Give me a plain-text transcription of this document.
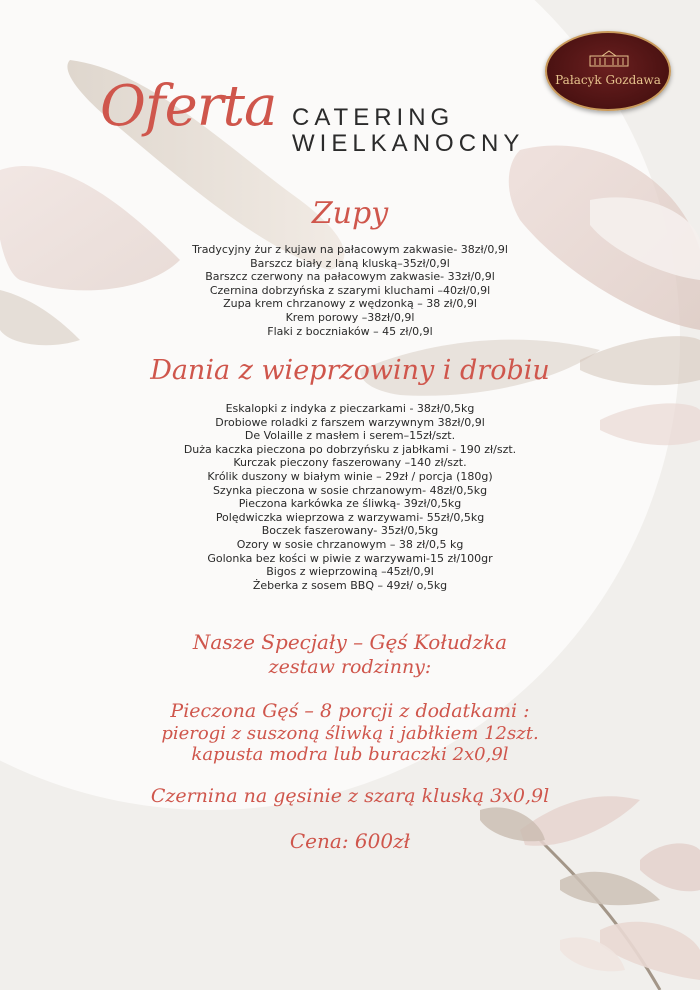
Pałacyk Gozdawa
Oferta CATERING
WIELKANOCNY
Zupy
Tradycyjny żur z kujaw na pałacowym zakwasie- 38zł/0,9l
Barszcz biały z laną kluską–35zł/0,9l
Barszcz czerwony na pałacowym zakwasie- 33zł/0,9l
Czernina dobrzyńska z szarymi kluchami –40zł/0,9l
Zupa krem chrzanowy z wędzonką – 38 zł/0,9l
Krem porowy –38zł/0,9l
Flaki z boczniaków – 45 zł/0,9l
Dania z wieprzowiny i drobiu
Eskalopki z indyka z pieczarkami - 38zł/0,5kg
Drobiowe roladki z farszem warzywnym 38zł/0,9l
De Volaille z masłem i serem–15zł/szt.
Duża kaczka pieczona po dobrzyńsku z jabłkami - 190 zł/szt.
Kurczak pieczony faszerowany –140 zł/szt.
Królik duszony w białym winie – 29zł / porcja (180g)
Szynka pieczona w sosie chrzanowym- 48zł/0,5kg
Pieczona karkówka ze śliwką- 39zł/0,5kg
Polędwiczka wieprzowa z warzywami- 55zł/0,5kg
Boczek faszerowany- 35zł/0,5kg
Ozory w sosie chrzanowym – 38 zł/0,5 kg
Golonka bez kości w piwie z warzywami-15 zł/100gr
Bigos z wieprzowiną –45zł/0,9l
Żeberka z sosem BBQ – 49zł/ o,5kg
Nasze Specjały – Gęś Kołudzka
zestaw rodzinny:
Pieczona Gęś – 8 porcji z dodatkami :
pierogi z suszoną śliwką i jabłkiem 12szt.
kapusta modra lub buraczki 2x0,9l
Czernina na gęsinie z szarą kluską 3x0,9l
Cena: 600zł
